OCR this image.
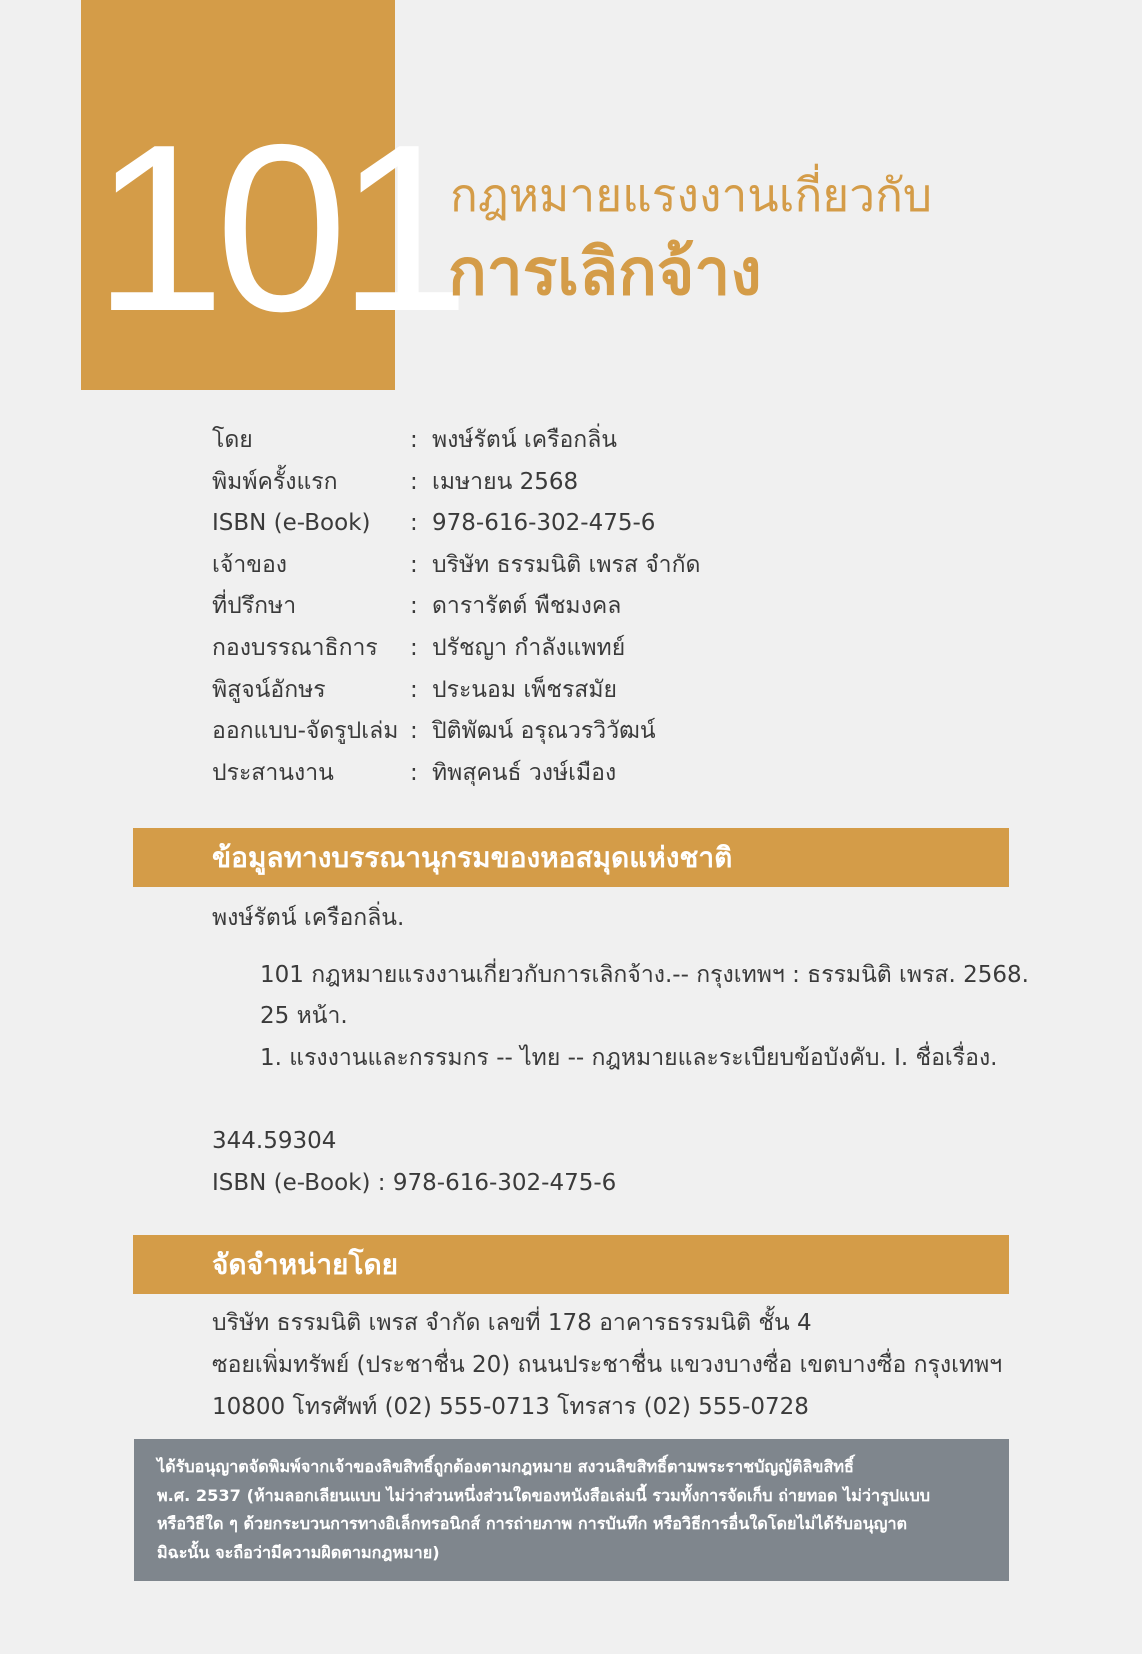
101
กฎหมายแรงงานเกี่ยวกับ
การเลิกจ้าง
โดย	: พงษ์รัตน์ เครือกลิ่น
พิมพ์ครั้งแรก	: เมษายน 2568
ISBN (e-Book)	: 978-616-302-475-6
เจ้าของ	: บริษัท ธรรมนิติ เพรส จำกัด
ที่ปรึกษา	: ดารารัตต์ พืชมงคล
กองบรรณาธิการ	: ปรัชญา กำลังแพทย์
พิสูจน์อักษร	: ประนอม เพ็ชรสมัย
ออกแบบ-จัดรูปเล่ม : ปิติพัฒน์ อรุณวรวิวัฒน์
ประสานงาน	: ทิพสุคนธ์ วงษ์เมือง
ข้อมูลทางบรรณานุกรมของหอสมุดแห่งชาติ
พงษ์รัตน์ เครือกลิ่น.
101 กฎหมายแรงงานเกี่ยวกับการเลิกจ้าง.-- กรุงเทพฯ : ธรรมนิติ เพรส. 2568.
25 หน้า.
1. แรงงานและกรรมกร -- ไทย -- กฎหมายและระเบียบข้อบังคับ. I. ชื่อเรื่อง.
344.59304
ISBN (e-Book) : 978-616-302-475-6
จัดจำหน่ายโดย
บริษัท ธรรมนิติ เพรส จำกัด เลขที่ 178 อาคารธรรมนิติ ชั้น 4
ซอยเพิ่มทรัพย์ (ประชาชื่น 20) ถนนประชาชื่น แขวงบางซื่อ เขตบางซื่อ กรุงเทพฯ
10800 โทรศัพท์ (02) 555-0713 โทรสาร (02) 555-0728
ได้รับอนุญาตจัดพิมพ์จากเจ้าของลิขสิทธิ์ถูกต้องตามกฎหมาย สงวนลิขสิทธิ์ตามพระราชบัญญัติลิขสิทธิ์
พ.ศ. 2537 (ห้ามลอกเลียนแบบ ไม่ว่าส่วนหนึ่งส่วนใดของหนังสือเล่มนี้ รวมทั้งการจัดเก็บ ถ่ายทอด ไม่ว่ารูปแบบ
หรือวิธีใด ๆ ด้วยกระบวนการทางอิเล็กทรอนิกส์ การถ่ายภาพ การบันทึก หรือวิธีการอื่นใดโดยไม่ได้รับอนุญาต
มิฉะนั้น จะถือว่ามีความผิดตามกฎหมาย)
